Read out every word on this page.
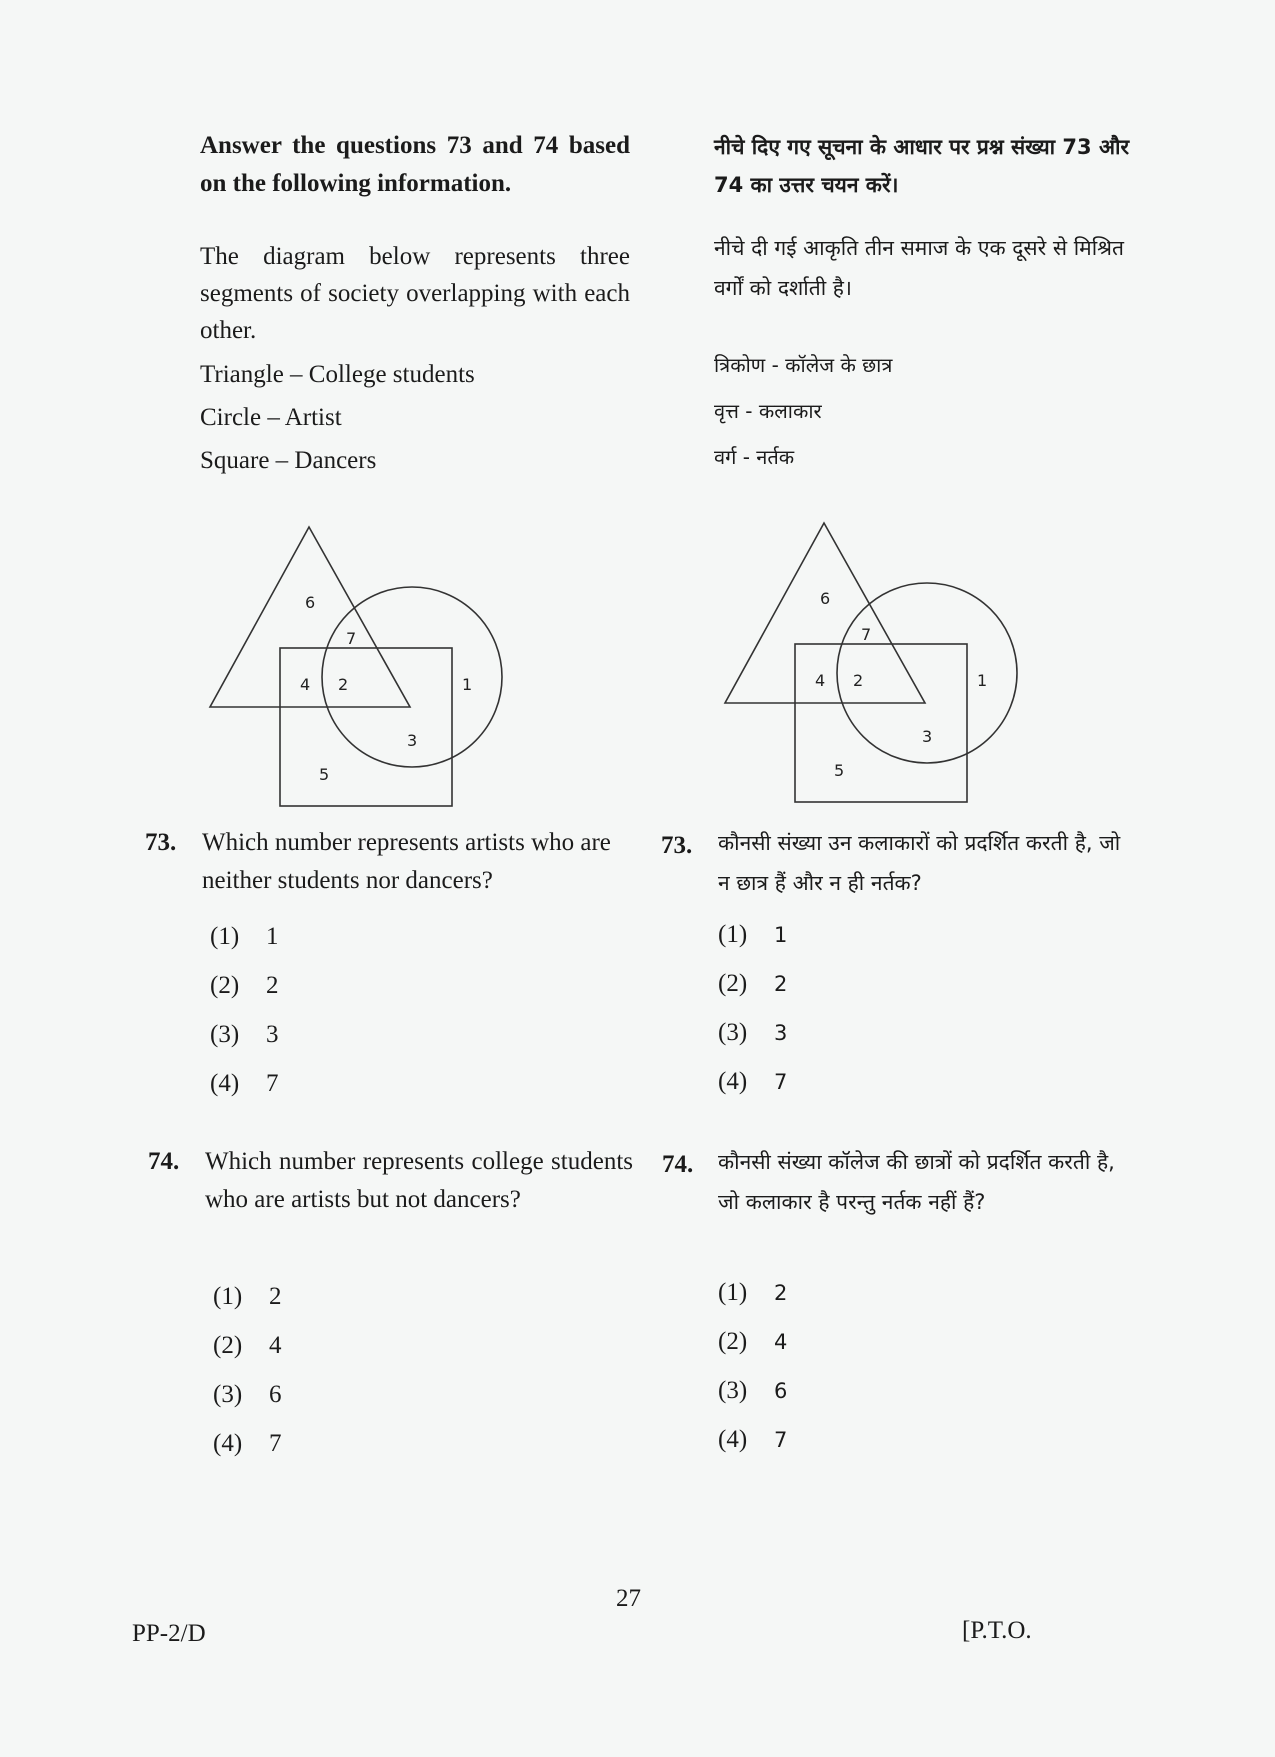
Answer the questions 73 and 74 based on the following information.
The diagram below represents three segments of society overlapping with each other.
Triangle – College students
Circle – Artist
Square – Dancers
नीचे दिए गए सूचना के आधार पर प्रश्न संख्या 73 और 74 का उत्तर चयन करें।
नीचे दी गई आकृति तीन समाज के एक दूसरे से मिश्रित वर्गों को दर्शाती है।
त्रिकोण - कॉलेज के छात्र
वृत्त - कलाकार
वर्ग - नर्तक
6
7
4 2	1
3
5
6
7
4 2	1
3
5
73. Which number represents artists who are neither students nor dancers?
(1) 1
(2) 2
(3) 3
(4) 7
73. कौनसी संख्या उन कलाकारों को प्रदर्शित करती है, जो न छात्र हैं और न ही नर्तक?
(1) 1
(2) 2
(3) 3
(4) 7
74. Which number represents college students who are artists but not dancers?
(1) 2
(2) 4
(3) 6
(4) 7
74. कौनसी संख्या कॉलेज की छात्रों को प्रदर्शित करती है, जो कलाकार है परन्तु नर्तक नहीं हैं?
(1) 2
(2) 4
(3) 6
(4) 7
27
PP-2/D	[P.T.O.
